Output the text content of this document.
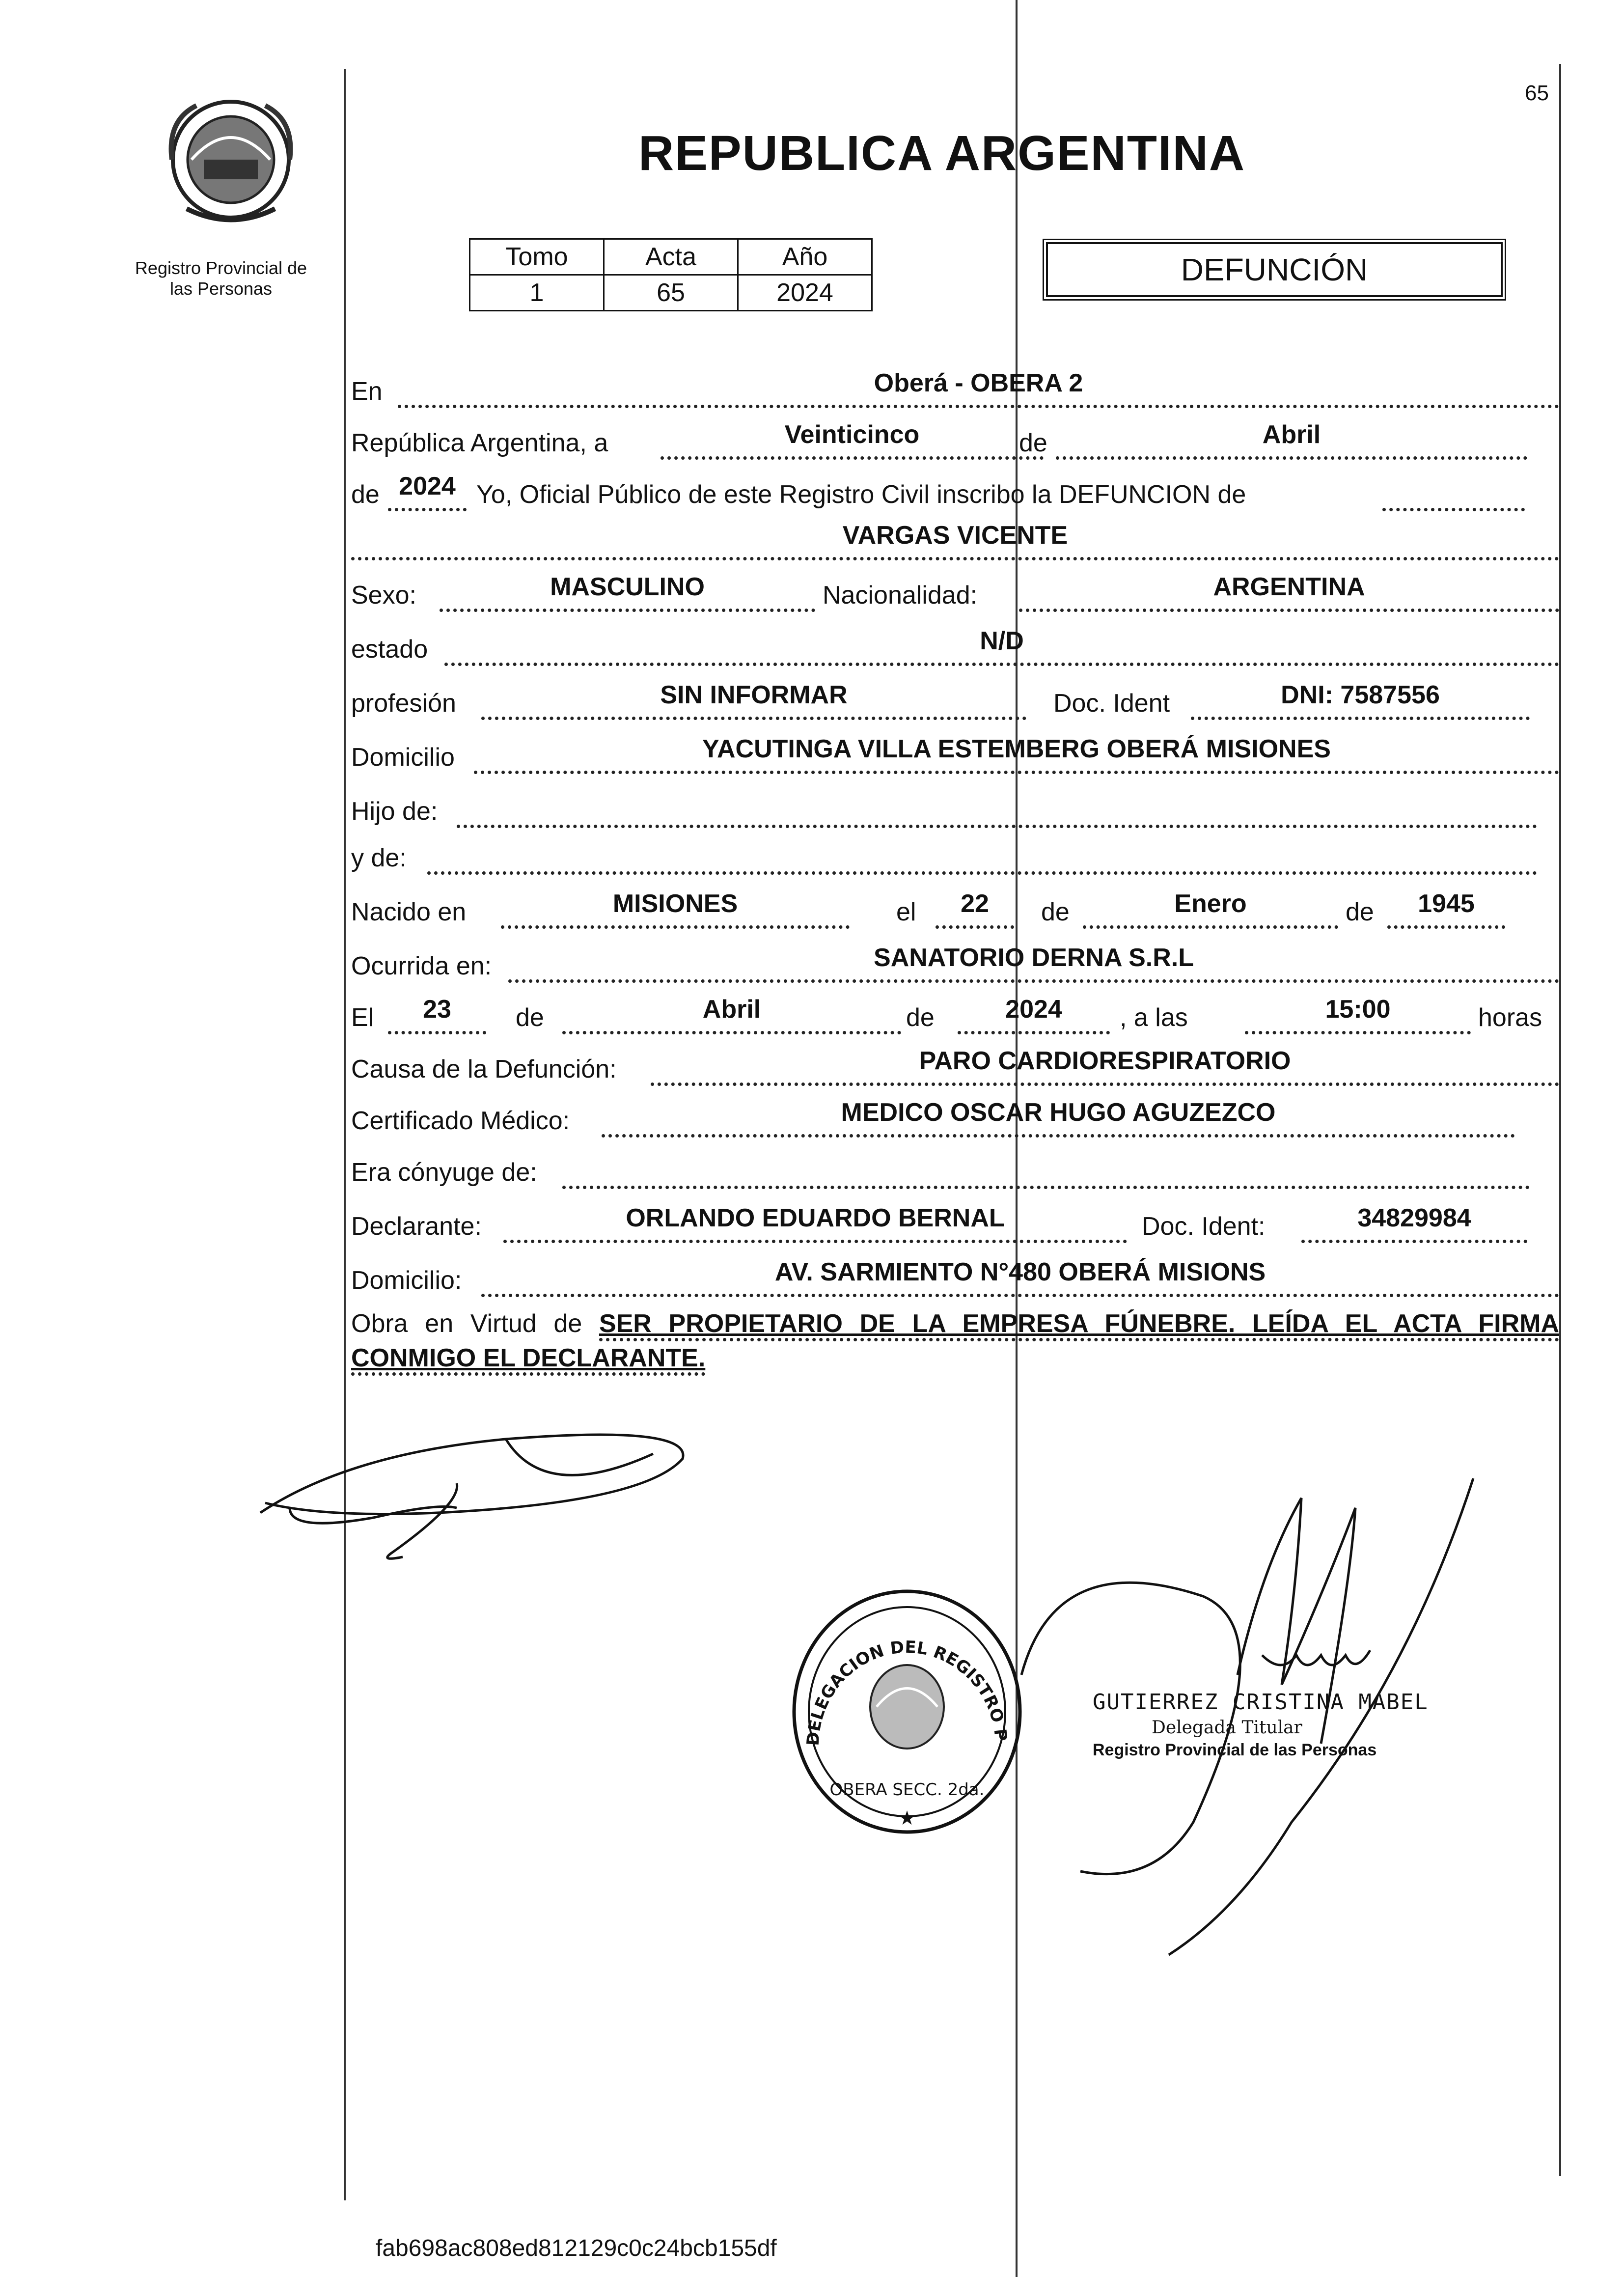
Registro Provincial de las Personas
65
REPUBLICA ARGENTINA
Tomo	Acta	Año
1	65	2024
DEFUNCIÓN
En	Oberá - OBERA 2
República Argentina, a	Veinticinco	de	Abril
de 2024 Yo, Oficial Público de este Registro Civil inscribo la DEFUNCION de
VARGAS VICENTE
Sexo:	MASCULINO	Nacionalidad:	ARGENTINA
estado	N/D
profesión	SIN INFORMAR	Doc. Ident	DNI: 7587556
Domicilio	YACUTINGA VILLA ESTEMBERG OBERÁ MISIONES
Hijo de:
y de:
Nacido en	MISIONES	el	22	de	Enero	de	1945
Ocurrida en:	SANATORIO DERNA S.R.L
El	23	de	Abril	de	2024	, a las	15:00	horas
Causa de la Defunción:	PARO CARDIORESPIRATORIO
Certificado Médico:	MEDICO OSCAR HUGO AGUZEZCO
Era cónyuge de:
Declarante:	ORLANDO EDUARDO BERNAL	Doc. Ident:	34829984
Domicilio:	AV. SARMIENTO N°480 OBERÁ MISIONS
Obra en Virtud de SER PROPIETARIO DE LA EMPRESA FÚNEBRE. LEÍDA EL ACTA FIRMA CONMIGO EL DECLARANTE.
DELEGACION DEL REGISTRO P
OBERA SECC. 2da.
★
GUTIERREZ CRISTINA MABEL
Delegada Titular
Registro Provincial de las Personas
fab698ac808ed812129c0c24bcb155df
